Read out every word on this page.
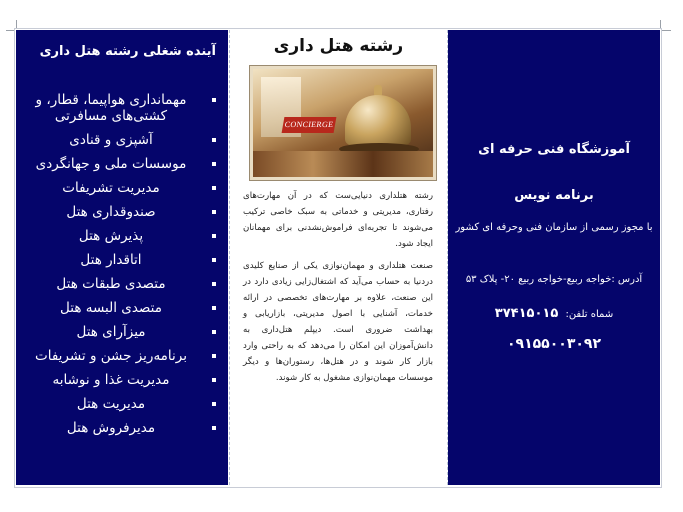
آینده شغلی رشته هتل داری
مهمانداری هواپیما، قطار، و کشتی‌های مسافرتی
آشپزی و قنادی
موسسات ملی و جهانگردی
مدیریت تشریفات
صندوقداری هتل
پذیرش هتل
اتاقدار هتل
متصدی طبقات هتل
متصدی البسه هتل
میزآرای هتل
برنامه‌ریز جشن و تشریفات
مدیریت غذا و نوشابه
مدیریت هتل
مدیرفروش هتل
رشته هتل داری
CONCIERGE

رشته هتلداری دنیایی‌ست که در آن مهارت‌های رفتاری، مدیریتی و خدماتی به سبک خاصی ترکیب می‌شوند تا تجربه‌ای فراموش‌نشدنی برای مهمانان ایجاد شود.

صنعت هتلداری و مهمان‌نوازی یکی از صنایع کلیدی دردنیا به حساب می‌آید که اشتغال‌زایی زیادی دارد در این صنعت، علاوه بر مهارت‌های تخصصی در ارائه خدمات، آشنایی با اصول مدیریتی، بازاریابی و بهداشت ضروری است. دیپلم هتل‌داری به دانش‌آموزان این امکان را می‌دهد که به راحتی وارد بازار کار شوند و در هتل‌ها، رستوران‌ها و دیگر موسسات مهمان‌نوازی مشغول به کار شوند.

آموزشگاه فنی حرفه ای
برنامه نویس
با مجوز رسمی از سازمان فنی وحرفه ای کشور
آدرس :خواجه ربیع-خواجه ربیع ۲۰- پلاک ۵۳
شماه تلفن: ۳۷۴۱۵۰۱۵
۰۹۱۵۵۰۰۳۰۹۲
